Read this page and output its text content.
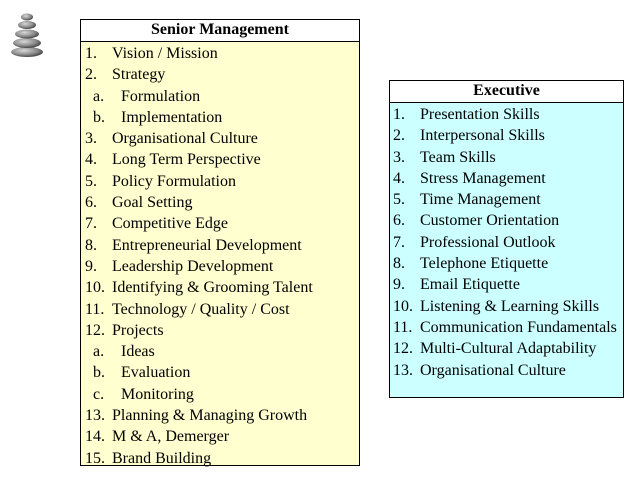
Senior Management
1. Vision / Mission
2. Strategy
a.	Formulation
b.	Implementation
3. Organisational Culture
4. Long Term Perspective
5. Policy Formulation
6. Goal Setting
7. Competitive Edge
8. Entrepreneurial Development
9. Leadership Development
10. Identifying & Grooming Talent
11. Technology / Quality / Cost
12. Projects
a.	Ideas
b.	Evaluation
c.	Monitoring
13. Planning & Managing Growth
14. M & A, Demerger
15. Brand Building
Executive
1. Presentation Skills
2. Interpersonal Skills
3. Team Skills
4. Stress Management
5. Time Management
6. Customer Orientation
7. Professional Outlook
8. Telephone Etiquette
9. Email Etiquette
10. Listening & Learning Skills
11. Communication Fundamentals
12. Multi-Cultural Adaptability
13. Organisational Culture
